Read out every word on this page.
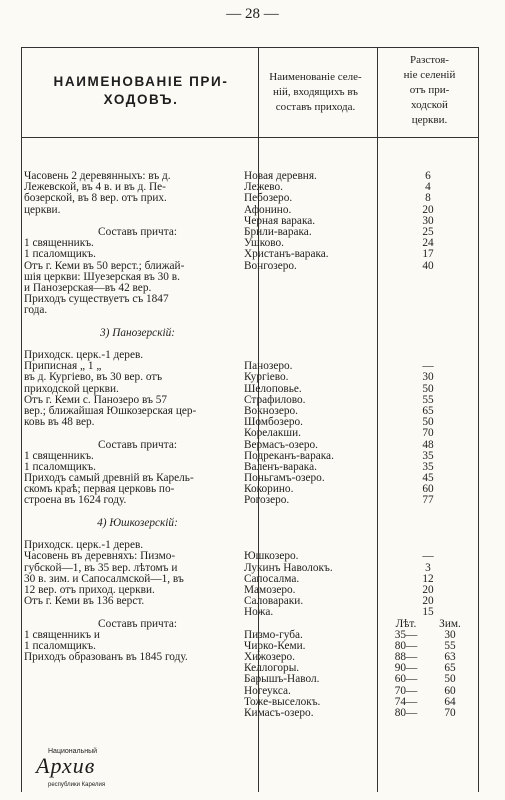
— 28 —
НАИМЕНОВАНІЕ ПРИ-
ХОДОВЪ.
Наименованіе селе-
ній, входящихъ въ
составъ прихода.
Разстоя-
ніе селеній
отъ при-
ходской
церкви.
Часовень 2 деревянныхъ: въ д.
Лежевской, въ 4 в. и въ д. Пе-
бозерской, въ 8 вер. отъ прих.
церкви.
Составъ причта:
1 священникъ.
1 псаломщикъ.
Отъ г. Кеми въ 50 верст.; ближай-
шія церкви: Шуезерская въ 30 в.
и Панозерская—въ 42 вер.
Приходъ существуетъ съ 1847
года.
3) Панозерскій:
Приходск. церк.-1 дерев.
Приписная „ 1 „
въ д. Кургіево, въ 30 вер. отъ
приходской церкви.
Отъ г. Кеми с. Панозеро въ 57
вер.; ближайшая Юшкозерская цер-
ковь въ 48 вер.
Составъ причта:
1 священникъ.
1 псаломщикъ.
Приходъ самый древній въ Карель-
скомъ краѣ; первая церковь по-
строена въ 1624 году.
4) Юшкозерскій:
Приходск. церк.-1 дерев.
Часовень въ деревняхъ: Пизмо-
губской—1, въ 35 вер. лѣтомъ и
30 в. зим. и Сапосалмской—1, въ
12 вер. отъ приход. церкви.
Отъ г. Кеми въ 136 верст.
Составъ причта:
1 священникъ и
1 псаломщикъ.
Приходъ образованъ въ 1845 году.
Новая деревня.
Лежево.
Пебозеро.
Афонино.
Черная варака.
Брили-варака.
Ушково.
Христанъ-варака.
Вонгозеро.
Панозеро.
Кургіево.
Шелоповье.
Страфилово.
Вокнозеро.
Шомбозеро.
Корелакши.
Вермасъ-озеро.
Подреканъ-варака.
Валенъ-варака.
Поньгамъ-озеро.
Кокорино.
Рогозеро.
Юшкозеро.
Лукинъ Наволокъ.
Сапосалма.
Мамозеро.
Саловараки.
Ножа.
Пизмо-губа.
Чирко-Кеми.
Хижозеро.
Келлогоры.
Барышъ-Навол.
Ногеукса.
Тоже-выселокъ.
Кимасъ-озеро.
6
4
8
20
30
25
24
17
40
—
30
50
55
65
50
70
48
35
35
45
60
77
—
3
12
20
20
15
Лѣт. Зим.
35— 30
80— 55
88— 63
90— 65
60— 50
70— 60
74— 64
80— 70
Национальный
Архив
республики Карелия
